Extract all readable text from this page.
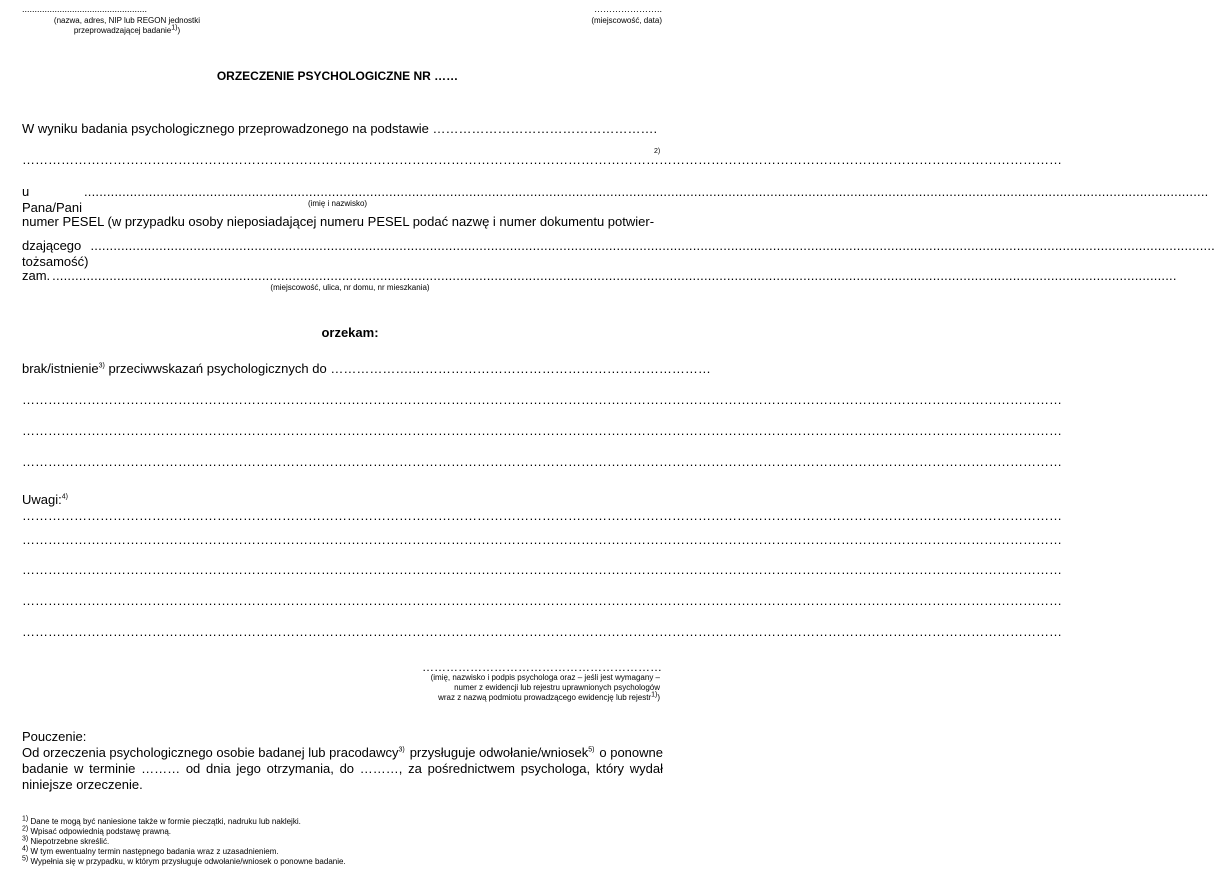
..................................................
(nazwa, adres, NIP lub REGON jednostki
przeprowadzającej badanie$^{1)}$)
…………………..
(miejscowość, data)
ORZECZENIE PSYCHOLOGICZNE NR ……
W wyniku badania psychologicznego przeprowadzonego na podstawie …………………………………………….
……………………………………………………………………………………………………………………………………………………………………………………………………………………
2)
u Pana/Pani
.....	(imię i nazwisko)
numer PESEL (w przypadku osoby nieposiadającej numeru PESEL podać nazwę i numer dokumentu potwier-
dzającego tożsamość)
.....
zam.
.....
(miejscowość, ulica, nr domu, nr mieszkania)
orzekam:
brak/istnienie$^{3)}$ przeciwwskazań psychologicznych do ……………….……………………………………………………………
……………………………………………………………………………………………………………………………………………………………………………………………………………………
……………………………………………………………………………………………………………………………………………………………………………………………………………………
……………………………………………………………………………………………………………………………………………………………………………………………………………………
Uwagi:$^{4)}$
……………………………………………………………………………………………………………………………………………………………………………………………………………………
……………………………………………………………………………………………………………………………………………………………………………………………………………………
……………………………………………………………………………………………………………………………………………………………………………………………………………………
……………………………………………………………………………………………………………………………………………………………………………………………………………………
……………………………………………………………………………………………………………………………………………………………………………………………………………………
……………………………………………………
(imię, nazwisko i podpis psychologa oraz – jeśli jest wymagany –
numer z ewidencji lub rejestru uprawnionych psychologów
wraz z nazwą podmiotu prowadzącego ewidencję lub rejestr$^{1)}$)
Pouczenie:
Od orzeczenia psychologicznego osobie badanej lub pracodawcy$^{3)}$ przysługuje odwołanie/wniosek$^{5)}$ o ponowne
badanie w terminie ……… od dnia jego otrzymania, do ………, za pośrednictwem psychologa, który wydał
niniejsze orzeczenie.
$^{1)}$ Dane te mogą być naniesione także w formie pieczątki, nadruku lub naklejki.
$^{2)}$ Wpisać odpowiednią podstawę prawną.
$^{3)}$ Niepotrzebne skreślić.
$^{4)}$ W tym ewentualny termin następnego badania wraz z uzasadnieniem.
$^{5)}$ Wypełnia się w przypadku, w którym przysługuje odwołanie/wniosek o ponowne badanie.
